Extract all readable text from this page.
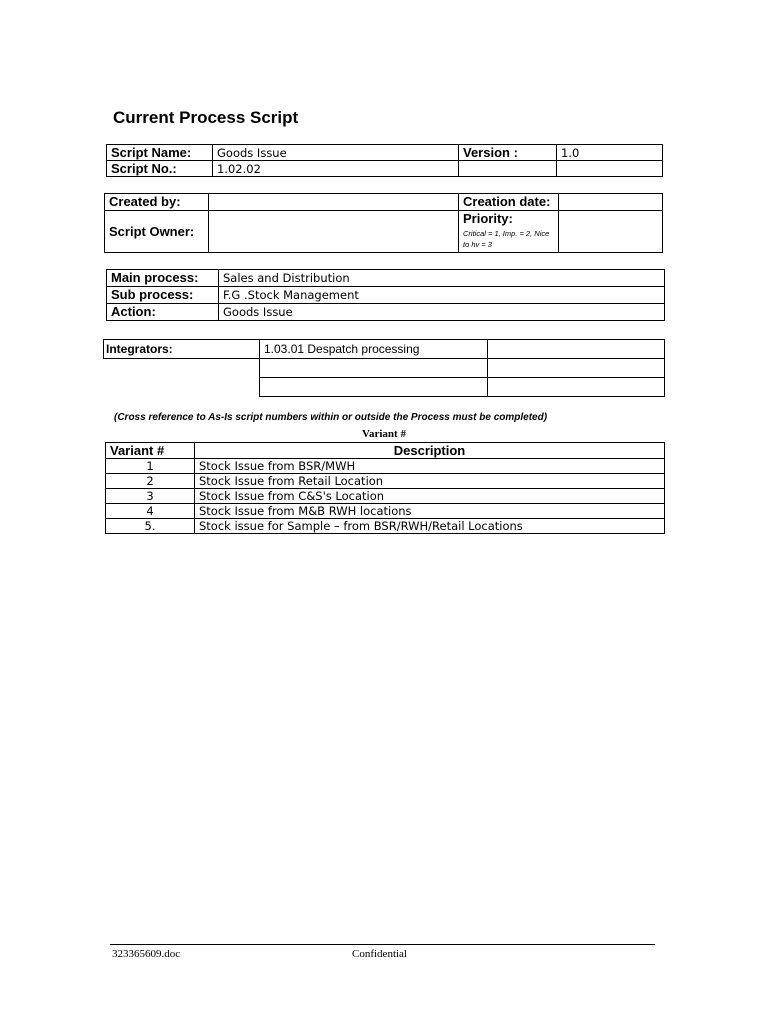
Current Process Script
Script Name:	Goods Issue	Version :	1.0
Script No.:	1.02.02		
Created by:		Creation date:	
Script Owner:		Priority:
Critical = 1, Imp. = 2, Nice to hv = 3	

Main process:	Sales and Distribution
Sub process:	F.G .Stock Management
Action:	Goods Issue
Integrators:	1.03.01 Despatch processing	

(Cross reference to As-Is script numbers within or outside the Process must be completed)
Variant #
Variant #	Description
1	Stock Issue from BSR/MWH
2	Stock Issue from Retail Location
3	Stock Issue from C&S's Location
4	Stock Issue from M&B RWH locations
5.	Stock issue for Sample – from BSR/RWH/Retail Locations
323365609.doc	Confidential
